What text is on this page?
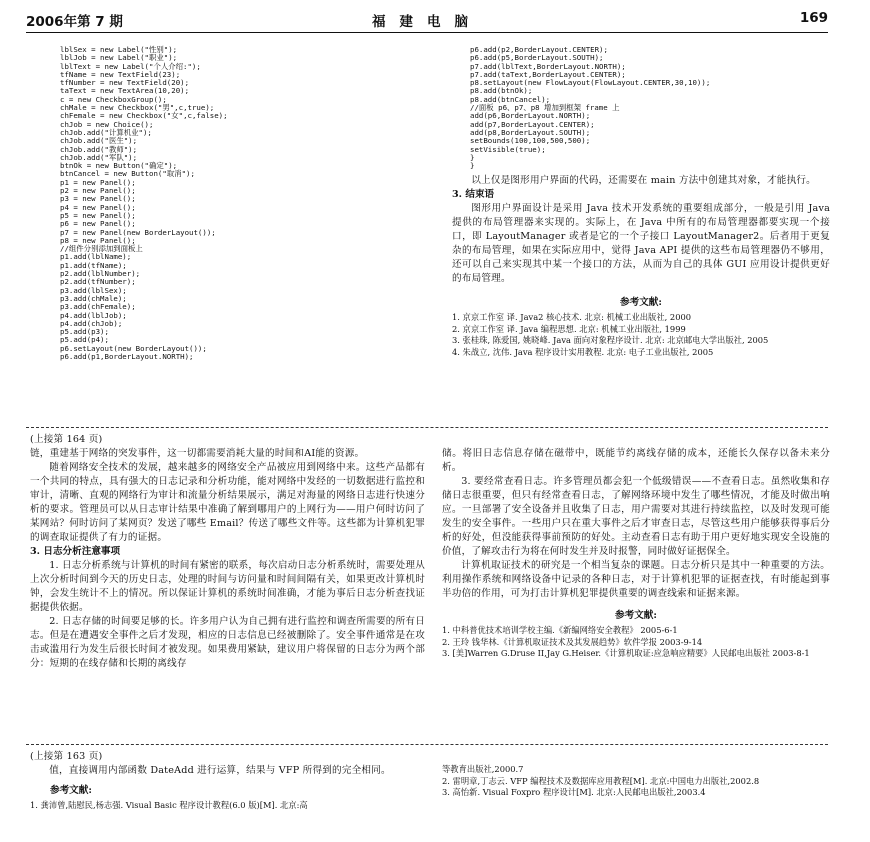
2006年第 7 期	福建电脑	169
lblSex = new Label("性别");
lblJob = new Label("职业");
lblText = new Label("个人介绍:");
tfName = new TextField(23);
tfNumber = new TextField(20);
taText = new TextArea(10,20);
c = new CheckboxGroup();
chMale = new Checkbox("男",c,true);
chFemale = new Checkbox("女",c,false);
chJob = new Choice();
chJob.add("计算机业");
chJob.add("医生");
chJob.add("教师");
chJob.add("军队");
btnOk = new Button("确定");
btnCancel = new Button("取消");
p1 = new Panel();
p2 = new Panel();
p3 = new Panel();
p4 = new Panel();
p5 = new Panel();
p6 = new Panel();
p7 = new Panel(new BorderLayout());
p8 = new Panel();
//组件分别添加到面板上
p1.add(lblName);
p1.add(tfName);
p2.add(lblNumber);
p2.add(tfNumber);
p3.add(lblSex);
p3.add(chMale);
p3.add(chFemale);
p4.add(lblJob);
p4.add(chJob);
p5.add(p3);
p5.add(p4);
p6.setLayout(new BorderLayout());
p6.add(p1,BorderLayout.NORTH);
p6.add(p2,BorderLayout.CENTER);
p6.add(p5,BorderLayout.SOUTH);
p7.add(lblText,BorderLayout.NORTH);
p7.add(taText,BorderLayout.CENTER);
p8.setLayout(new FlowLayout(FlowLayout.CENTER,30,10));
p8.add(btnOk);
p8.add(btnCancel);
//面板 p6、p7、p8 增加到框架 frame 上
add(p6,BorderLayout.NORTH);
add(p7,BorderLayout.CENTER);
add(p8,BorderLayout.SOUTH);
setBounds(100,100,500,500);
setVisible(true);
}
}
以上仅是图形用户界面的代码，还需要在 main 方法中创建其对象，才能执行。
3. 结束语
图形用户界面设计是采用 Java 技术开发系统的重要组成部分，一般是引用 Java 提供的布局管理器来实现的。实际上，在 Java 中所有的布局管理器都要实现一个接口，即 LayoutManager 或者是它的一个子接口 LayoutManager2。后者用于更复杂的布局管理，如果在实际应用中，觉得 Java API 提供的这些布局管理器仍不够用，还可以自己来实现其中某一个接口的方法，从而为自己的具体 GUI 应用设计提供更好的布局管理。
参考文献:
1. 京京工作室 译. Java2 核心技术. 北京: 机械工业出版社, 2000
2. 京京工作室 译. Java 编程思想. 北京: 机械工业出版社, 1999
3. 张桂珠, 陈爱国, 姚晓峰. Java 面向对象程序设计. 北京: 北京邮电大学出版社, 2005
4. 朱战立, 沈伟. Java 程序设计实用教程. 北京: 电子工业出版社, 2005
(上接第 164 页)
链，重建基于网络的突发事件，这一切都需要消耗大量的时间和AI能的资源。
随着网络安全技术的发展，越来越多的网络安全产品被应用到网络中来。这些产品都有一个共同的特点，具有强大的日志记录和分析功能，能对网络中发经的一切数据进行监控和审计，清晰、直观的网络行为审计和流量分析结果展示，满足对海量的网络日志进行快速分析的要求。管理员可以从日志审计结果中准确了解到哪用户的上网行为——用户何时访问了某网站？何时访问了某网页？发送了哪些 Email？传送了哪些文件等。这些都为计算机犯罪的调查取证提供了有力的证据。
3. 日志分析注意事项
1. 日志分析系统与计算机的时间有紧密的联系，每次启动日志分析系统时，需要处理从上次分析时间到今天的历史日志，处理的时间与访问量和时间间隔有关，如果更改计算机时钟，会发生统计不上的情况。所以保证计算机的系统时间准确，才能为事后日志分析查找证据提供依据。
2. 日志存储的时间要足够的长。许多用户认为自己拥有进行监控和调查所需要的所有日志。但是在遭遇安全事件之后才发现，相应的日志信息已经被删除了。安全事件通常是在攻击或滥用行为发生后很长时间才被发现。如果费用紧缺，建议用户将保留的日志分为两个部分：短期的在线存储和长期的离线存
储。将旧日志信息存储在磁带中，既能节约离线存储的成本，还能长久保存以备未来分析。
3. 要经常查看日志。许多管理员都会犯一个低级错误——不查看日志。虽然收集和存储日志很重要，但只有经常查看日志，了解网络环境中发生了哪些情况，才能及时做出响应。一旦部署了安全设备并且收集了日志，用户需要对其进行持续监控，以及时发现可能发生的安全事件。一些用户只在重大事件之后才审查日志，尽管这些用户能够获得事后分析的好处，但没能获得事前预防的好处。主动查看日志有助于用户更好地实现安全设施的价值，了解攻击行为将在何时发生并及时报警，同时做好证据保全。
计算机取证技术的研究是一个相当复杂的课题。日志分析只是其中一种重要的方法。利用操作系统和网络设备中记录的各种日志，对于计算机犯罪的证据查找，有时能起到事半功倍的作用，可为打击计算机犯罪提供重要的调查线索和证据来源。
参考文献:
1. 中科普优技术培训学校主编.《新编网络安全教程》 2005-6-1
2. 王玲 钱华林.《计算机取证技术及其发展趋势》软件学报 2003-9-14
3. [美]Warren G.Druse II,Jay G.Heiser.《计算机取证:应急响应精要》人民邮电出版社 2003-8-1
(上接第 163 页)
值，直接调用内部函数 DateAdd 进行运算，结果与 VFP 所得到的完全相同。
参考文献:
1. 龚沛曾,陆慰民,杨志强. Visual Basic 程序设计教程(6.0 版)[M]. 北京:高
等教育出版社,2000.7
2. 雷明章,丁志云. VFP 编程技术及数据库应用教程[M]. 北京:中国电力出版社,2002.8
3. 高怡新. Visual Foxpro 程序设计[M]. 北京:人民邮电出版社,2003.4
